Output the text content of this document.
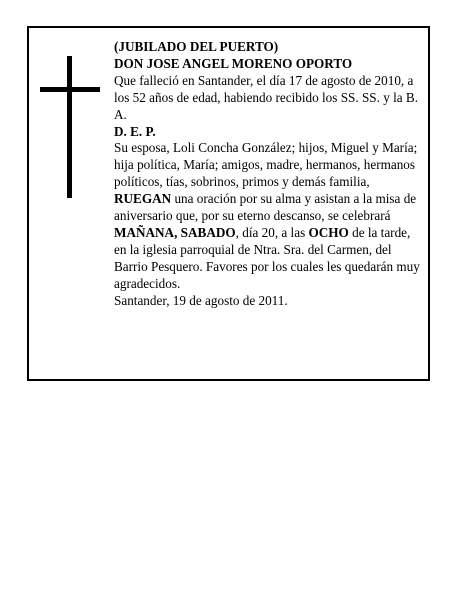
(JUBILADO DEL PUERTO)

DON JOSE ANGEL MORENO OPORTO

Que falleció en Santander, el día 17 de agosto de 2010, a los 52 años de edad, habiendo recibido los SS. SS. y la B. A.

D. E. P.

Su esposa, Loli Concha González; hijos, Miguel y María; hija política, María; amigos, madre, hermanos, hermanos políticos, tías, sobrinos, primos y demás familia,

RUEGAN una oración por su alma y asistan a la misa de aniversario que, por su eterno descanso, se celebrará MAÑANA, SABADO, día 20, a las OCHO de la tarde, en la iglesia parroquial de Ntra. Sra. del Carmen, del Barrio Pesquero. Favores por los cuales les quedarán muy agradecidos.

Santander, 19 de agosto de 2011.
